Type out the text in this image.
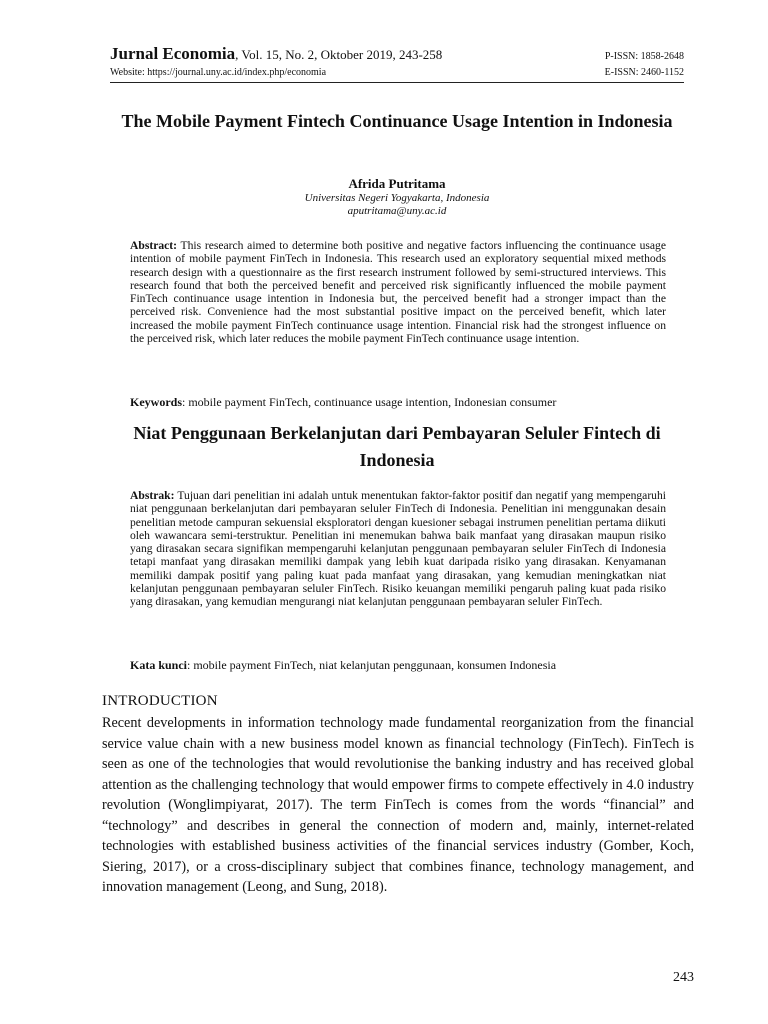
Jurnal Economia, Vol. 15, No. 2, Oktober 2019, 243-258	P-ISSN: 1858-2648
Website: https://journal.uny.ac.id/index.php/economia	E-ISSN: 2460-1152
The Mobile Payment Fintech Continuance Usage Intention in Indonesia
Afrida Putritama
Universitas Negeri Yogyakarta, Indonesia
aputritama@uny.ac.id

Abstract: This research aimed to determine both positive and negative factors influencing the continuance usage intention of mobile payment FinTech in Indonesia. This research used an exploratory sequential mixed methods research design with a questionnaire as the first research instrument followed by semi-structured interviews. This research found that both the perceived benefit and perceived risk significantly influenced the mobile payment FinTech continuance usage intention in Indonesia but, the perceived benefit had a stronger impact than the perceived risk. Convenience had the most substantial positive impact on the perceived benefit, which later increased the mobile payment FinTech continuance usage intention. Financial risk had the strongest influence on the perceived risk, which later reduces the mobile payment FinTech continuance usage intention.

Keywords: mobile payment FinTech, continuance usage intention, Indonesian consumer

Niat Penggunaan Berkelanjutan dari Pembayaran Seluler Fintech di Indonesia

Abstrak: Tujuan dari penelitian ini adalah untuk menentukan faktor-faktor positif dan negatif yang mempengaruhi niat penggunaan berkelanjutan dari pembayaran seluler FinTech di Indonesia. Penelitian ini menggunakan desain penelitian metode campuran sekuensial eksploratori dengan kuesioner sebagai instrumen penelitian pertama diikuti oleh wawancara semi-terstruktur. Penelitian ini menemukan bahwa baik manfaat yang dirasakan maupun risiko yang dirasakan secara signifikan mempengaruhi kelanjutan penggunaan pembayaran seluler FinTech di Indonesia tetapi manfaat yang dirasakan memiliki dampak yang lebih kuat daripada risiko yang dirasakan. Kenyamanan memiliki dampak positif yang paling kuat pada manfaat yang dirasakan, yang kemudian meningkatkan niat kelanjutan penggunaan pembayaran seluler FinTech. Risiko keuangan memiliki pengaruh paling kuat pada risiko yang dirasakan, yang kemudian mengurangi niat kelanjutan penggunaan pembayaran seluler FinTech.

Kata kunci: mobile payment FinTech, niat kelanjutan penggunaan, konsumen Indonesia

INTRODUCTION

Recent developments in information technology made fundamental reorganization from the financial service value chain with a new business model known as financial technology (FinTech). FinTech is seen as one of the technologies that would revolutionise the banking industry and has received global attention as the challenging technology that would empower firms to compete effectively in 4.0 industry revolution (Wonglimpiyarat, 2017). The term FinTech is comes from the words “financial” and “technology” and describes in general the connection of modern and, mainly, internet-related technologies with established business activities of the financial services industry (Gomber, Koch, Siering, 2017), or a cross-disciplinary subject that combines finance, technology management, and innovation management (Leong, and Sung, 2018).

243
